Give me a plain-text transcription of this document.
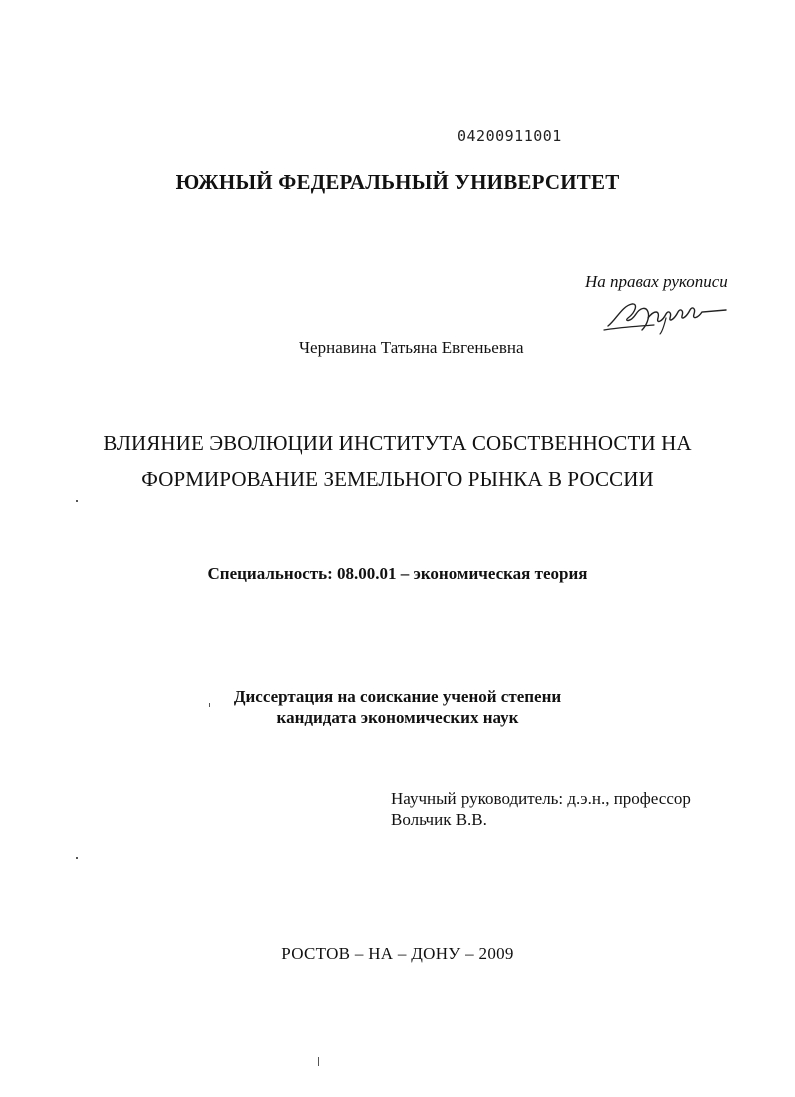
04200911001
ЮЖНЫЙ ФЕДЕРАЛЬНЫЙ УНИВЕРСИТЕТ
На правах рукописи
Чернавина Татьяна Евгеньевна
ВЛИЯНИЕ ЭВОЛЮЦИИ ИНСТИТУТА СОБСТВЕННОСТИ НА
ФОРМИРОВАНИЕ ЗЕМЕЛЬНОГО РЫНКА В РОССИИ
Специальность: 08.00.01 – экономическая теория
Диссертация на соискание ученой степени
кандидата экономических наук
Научный руководитель: д.э.н., профессор
Вольчик В.В.
РОСТОВ – НА – ДОНУ – 2009
